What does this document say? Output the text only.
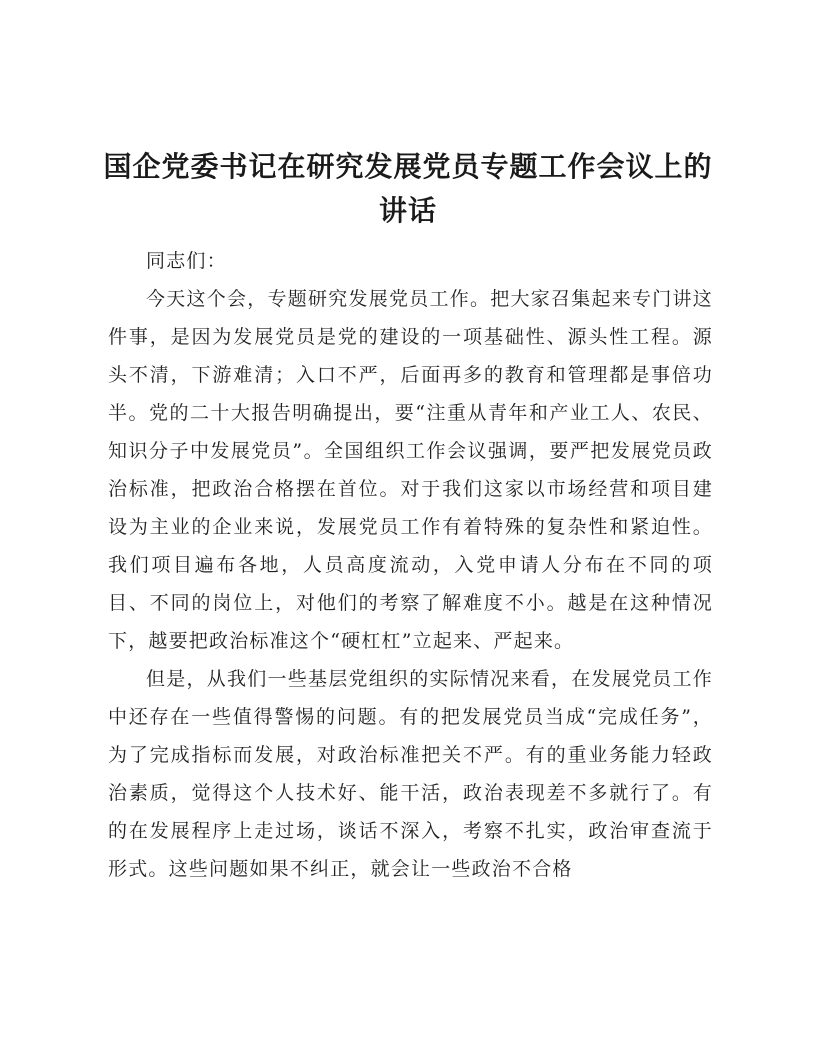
国企党委书记在研究发展党员专题工作会议上的讲话

同志们：

今天这个会，专题研究发展党员工作。把大家召集起来专门讲这件事，是因为发展党员是党的建设的一项基础性、源头性工程。源头不清，下游难清；入口不严，后面再多的教育和管理都是事倍功半。党的二十大报告明确提出，要“注重从青年和产业工人、农民、知识分子中发展党员”。全国组织工作会议强调，要严把发展党员政治标准，把政治合格摆在首位。对于我们这家以市场经营和项目建设为主业的企业来说，发展党员工作有着特殊的复杂性和紧迫性。我们项目遍布各地，人员高度流动，入党申请人分布在不同的项目、不同的岗位上，对他们的考察了解难度不小。越是在这种情况下，越要把政治标准这个“硬杠杠”立起来、严起来。

但是，从我们一些基层党组织的实际情况来看，在发展党员工作中还存在一些值得警惕的问题。有的把发展党员当成“完成任务”，为了完成指标而发展，对政治标准把关不严。有的重业务能力轻政治素质，觉得这个人技术好、能干活，政治表现差不多就行了。有的在发展程序上走过场，谈话不深入，考察不扎实，政治审查流于形式。这些问题如果不纠正，就会让一些政治不合格
